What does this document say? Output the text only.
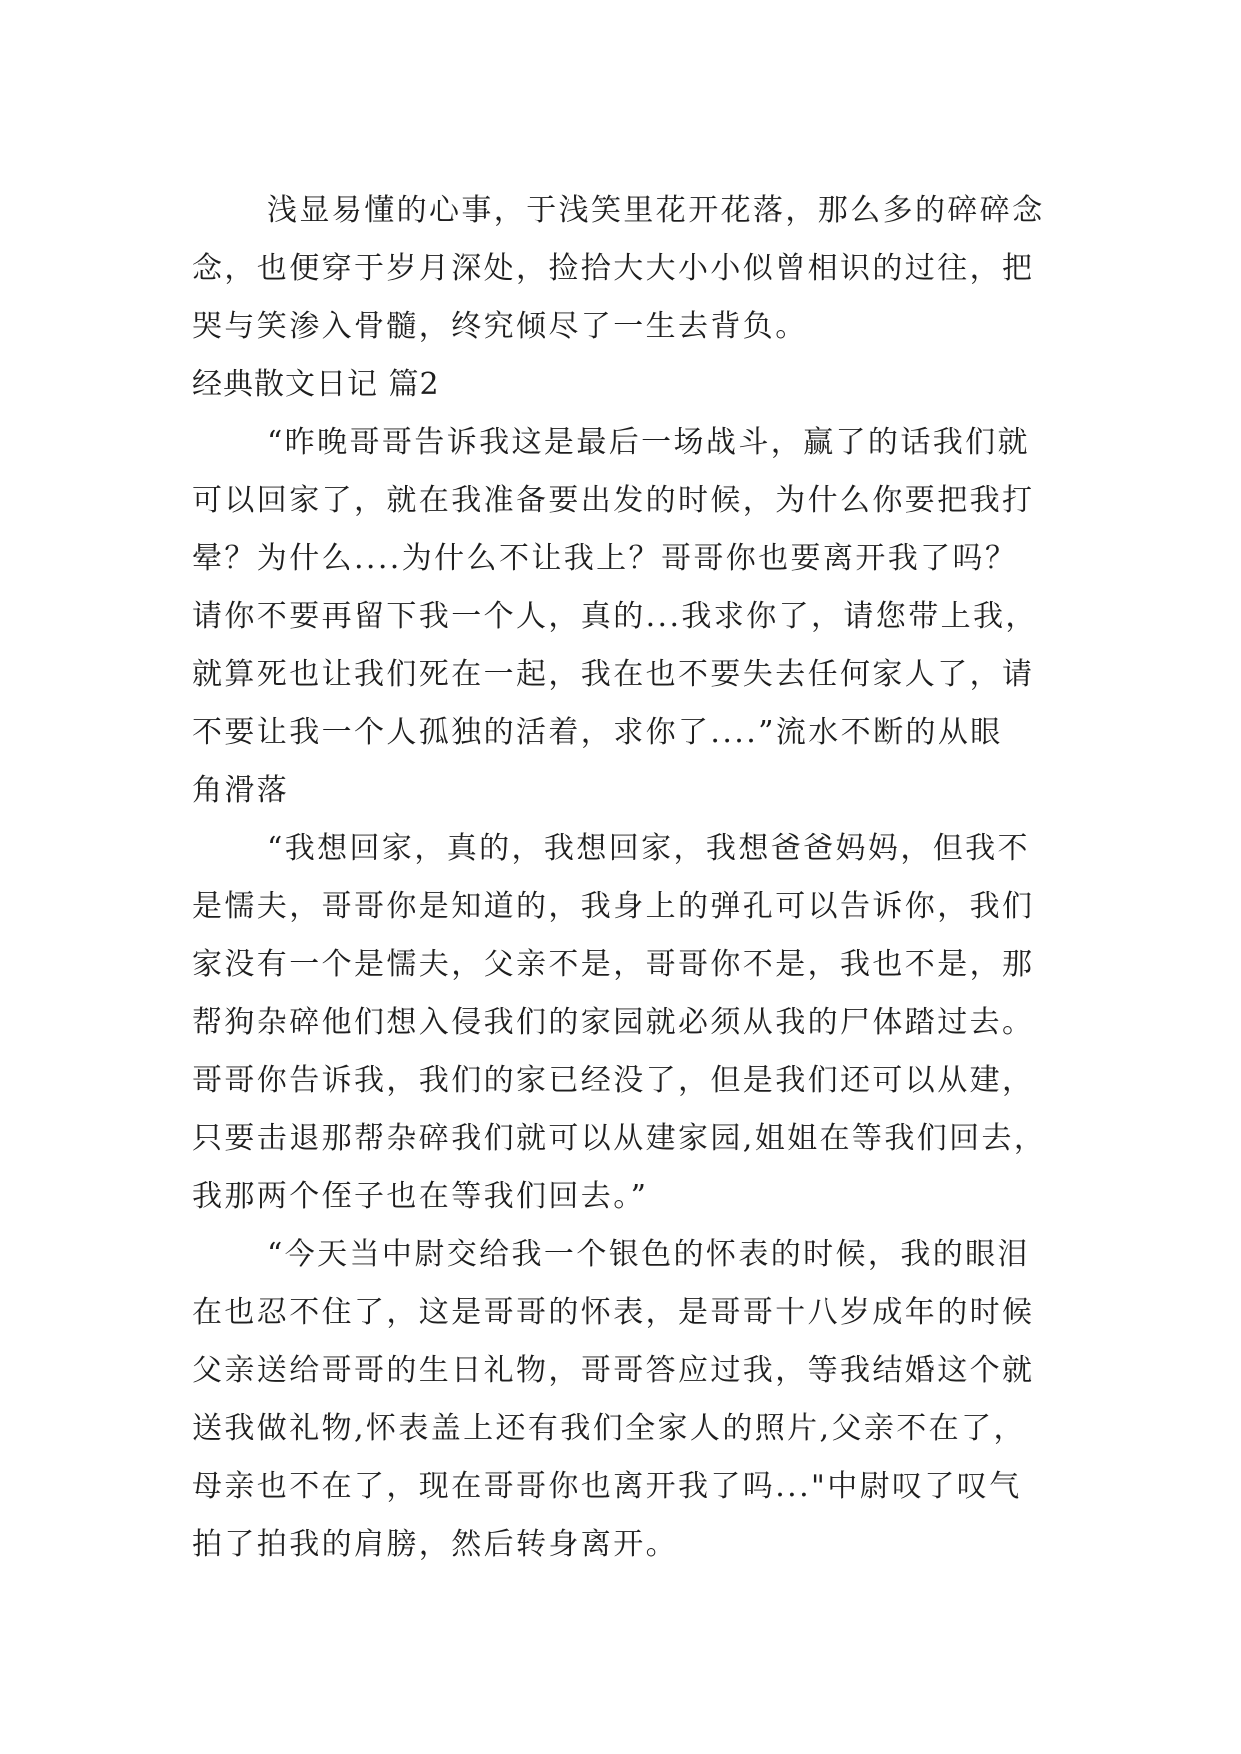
浅显易懂的心事，于浅笑里花开花落，那么多的碎碎念
念，也便穿于岁月深处，捡拾大大小小似曾相识的过往，把
哭与笑渗入骨髓，终究倾尽了一生去背负。
经典散文日记 篇2
“昨晚哥哥告诉我这是最后一场战斗，赢了的话我们就
可以回家了，就在我准备要出发的时候，为什么你要把我打
晕？为什么....为什么不让我上？哥哥你也要离开我了吗？
请你不要再留下我一个人，真的...我求你了，请您带上我，
就算死也让我们死在一起，我在也不要失去任何家人了，请
不要让我一个人孤独的活着，求你了....”流水不断的从眼
角滑落
“我想回家，真的，我想回家，我想爸爸妈妈，但我不
是懦夫，哥哥你是知道的，我身上的弹孔可以告诉你，我们
家没有一个是懦夫，父亲不是，哥哥你不是，我也不是，那
帮狗杂碎他们想入侵我们的家园就必须从我的尸体踏过去。
哥哥你告诉我，我们的家已经没了，但是我们还可以从建，
只要击退那帮杂碎我们就可以从建家园,姐姐在等我们回去，
我那两个侄子也在等我们回去。”
“今天当中尉交给我一个银色的怀表的时候，我的眼泪
在也忍不住了，这是哥哥的怀表，是哥哥十八岁成年的时候
父亲送给哥哥的生日礼物，哥哥答应过我，等我结婚这个就
送我做礼物,怀表盖上还有我们全家人的照片,父亲不在了，
母亲也不在了，现在哥哥你也离开我了吗..."中尉叹了叹气
拍了拍我的肩膀，然后转身离开。
